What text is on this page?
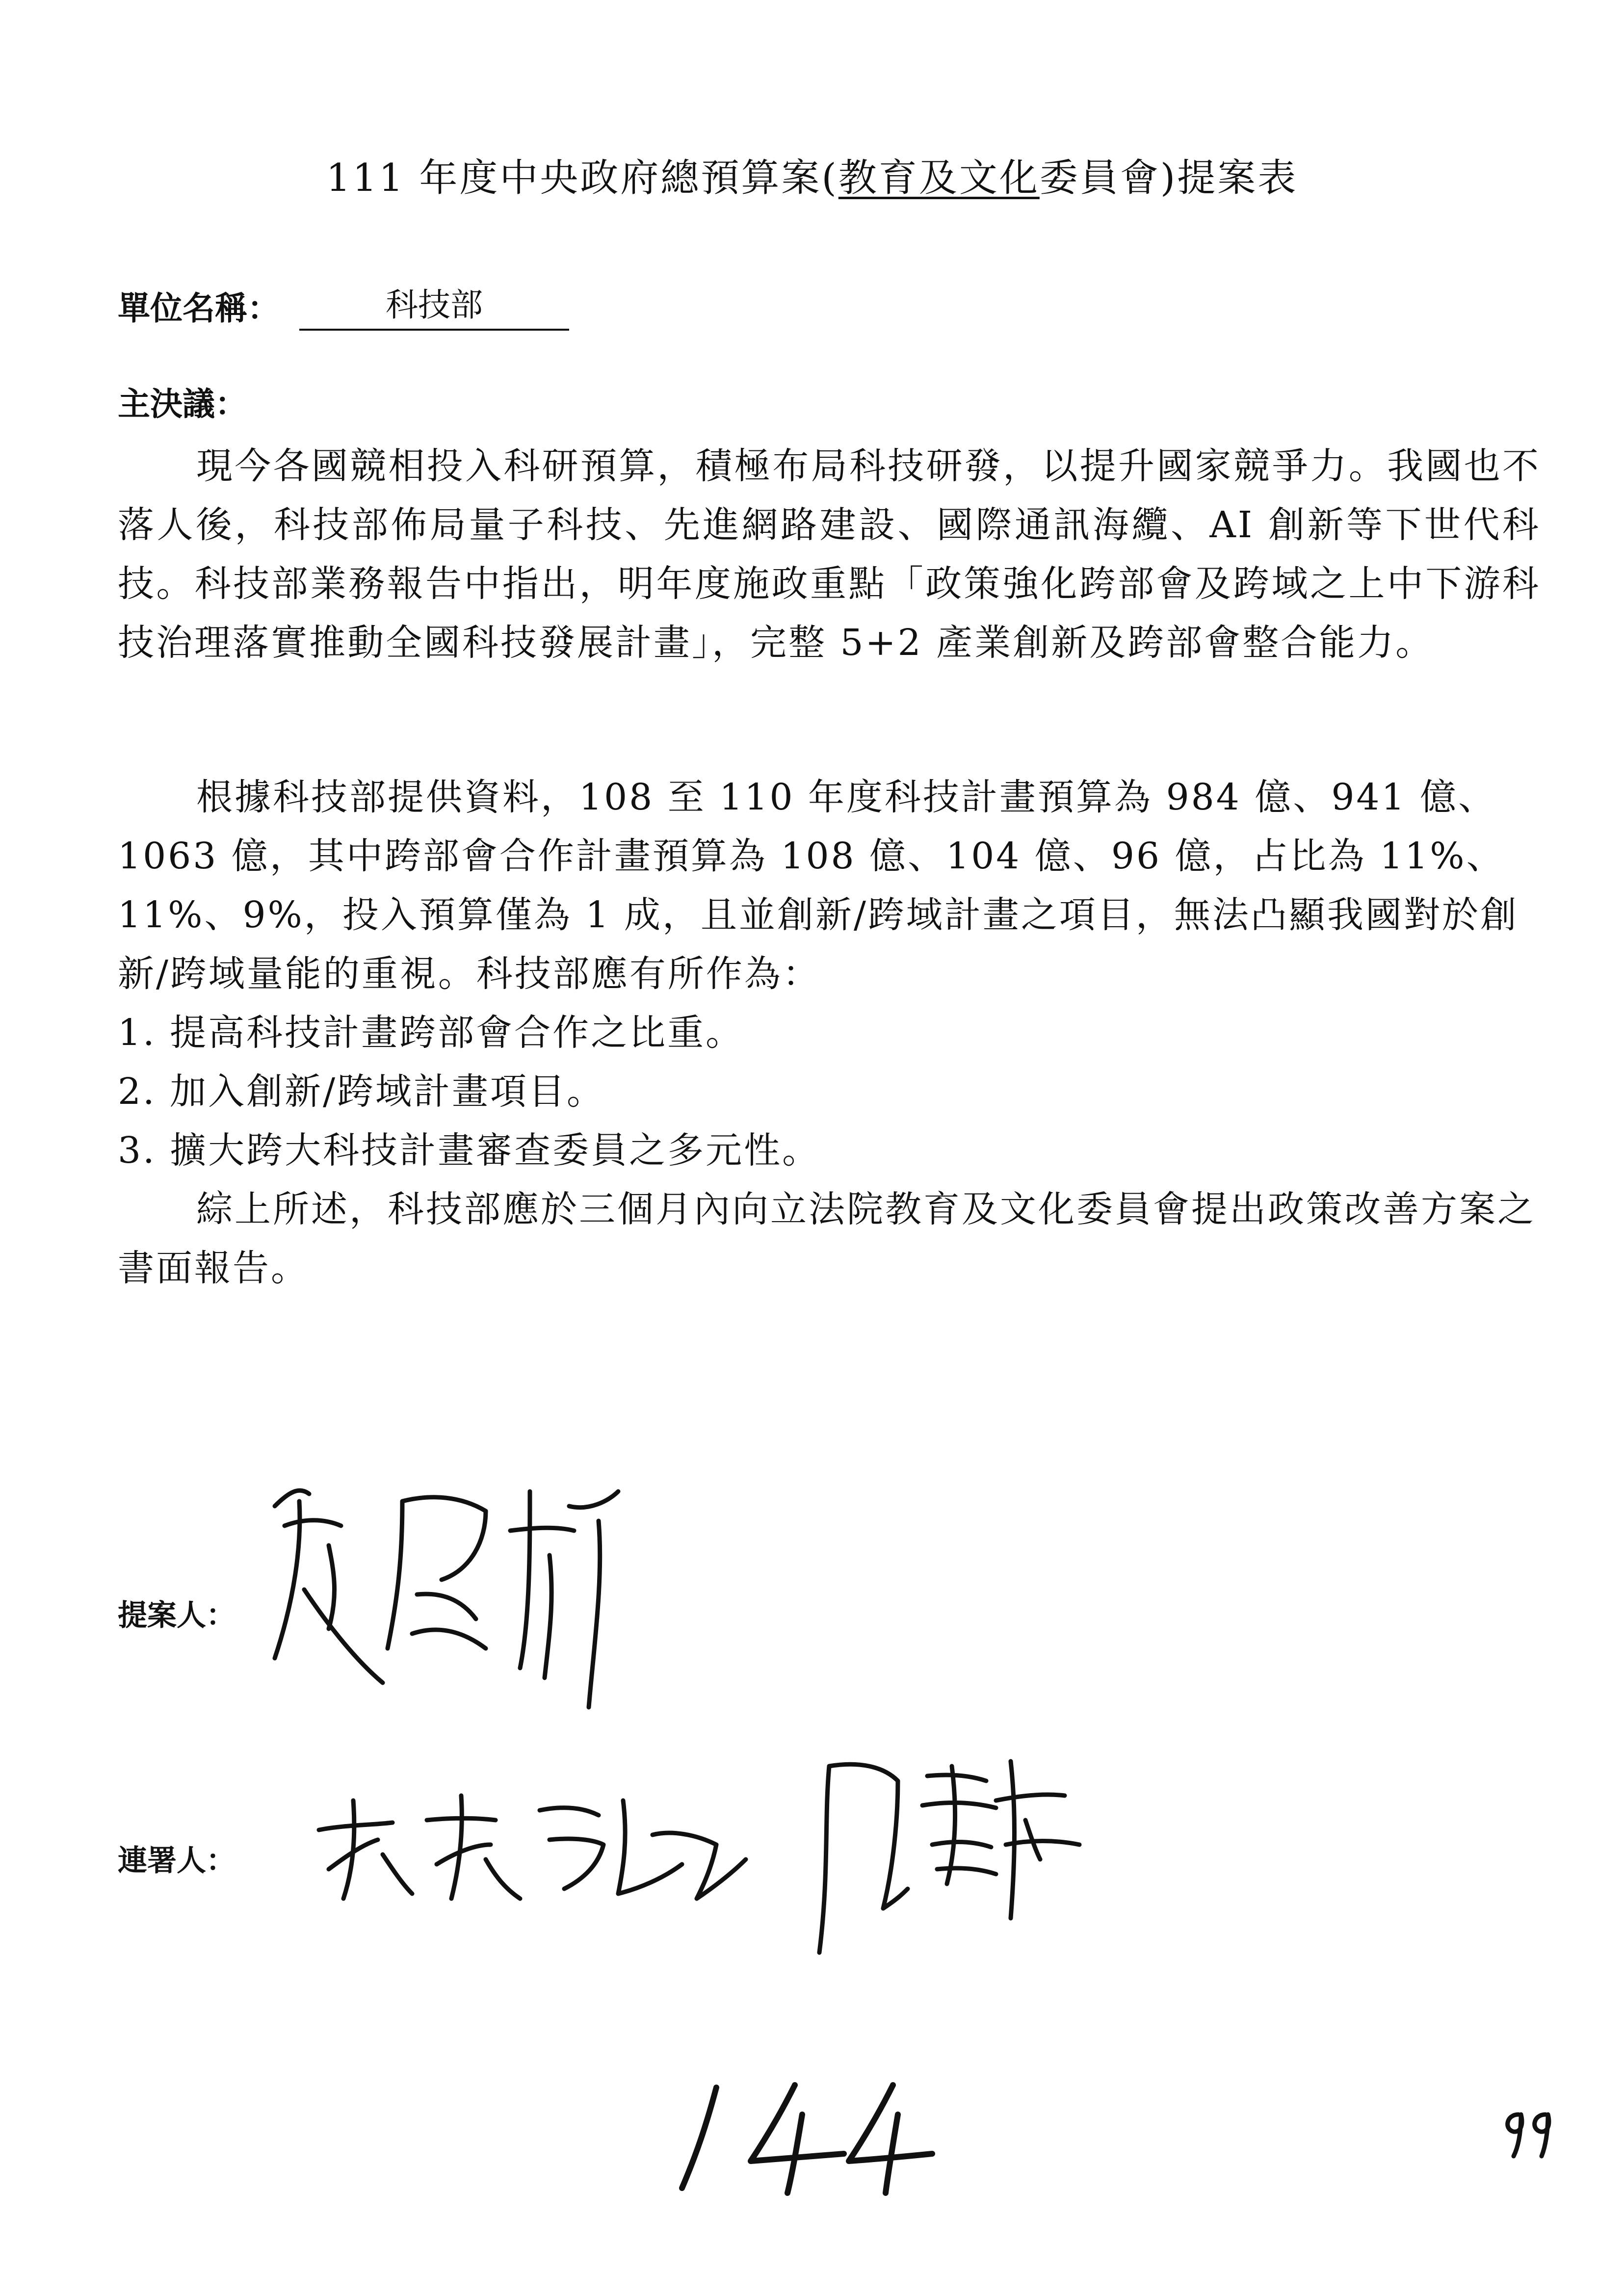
111 年度中央政府總預算案(教育及文化委員會)提案表
單位名稱：	科技部
主決議：

現今各國競相投入科研預算，積極布局科技研發，以提升國家競爭力。我國也不落人後，科技部佈局量子科技、先進網路建設、國際通訊海纜、AI 創新等下世代科技。科技部業務報告中指出，明年度施政重點「政策強化跨部會及跨域之上中下游科技治理落實推動全國科技發展計畫」，完整 5+2 產業創新及跨部會整合能力。

根據科技部提供資料，108 至 110 年度科技計畫預算為 984 億、941 億、1063 億，其中跨部會合作計畫預算為 108 億、104 億、96 億，占比為 11%、11%、9%，投入預算僅為 1 成，且並創新/跨域計畫之項目，無法凸顯我國對於創新/跨域量能的重視。科技部應有所作為：

1. 提高科技計畫跨部會合作之比重。

2. 加入創新/跨域計畫項目。

3. 擴大跨大科技計畫審查委員之多元性。

綜上所述，科技部應於三個月內向立法院教育及文化委員會提出政策改善方案之書面報告。

提案人：
連署人：
